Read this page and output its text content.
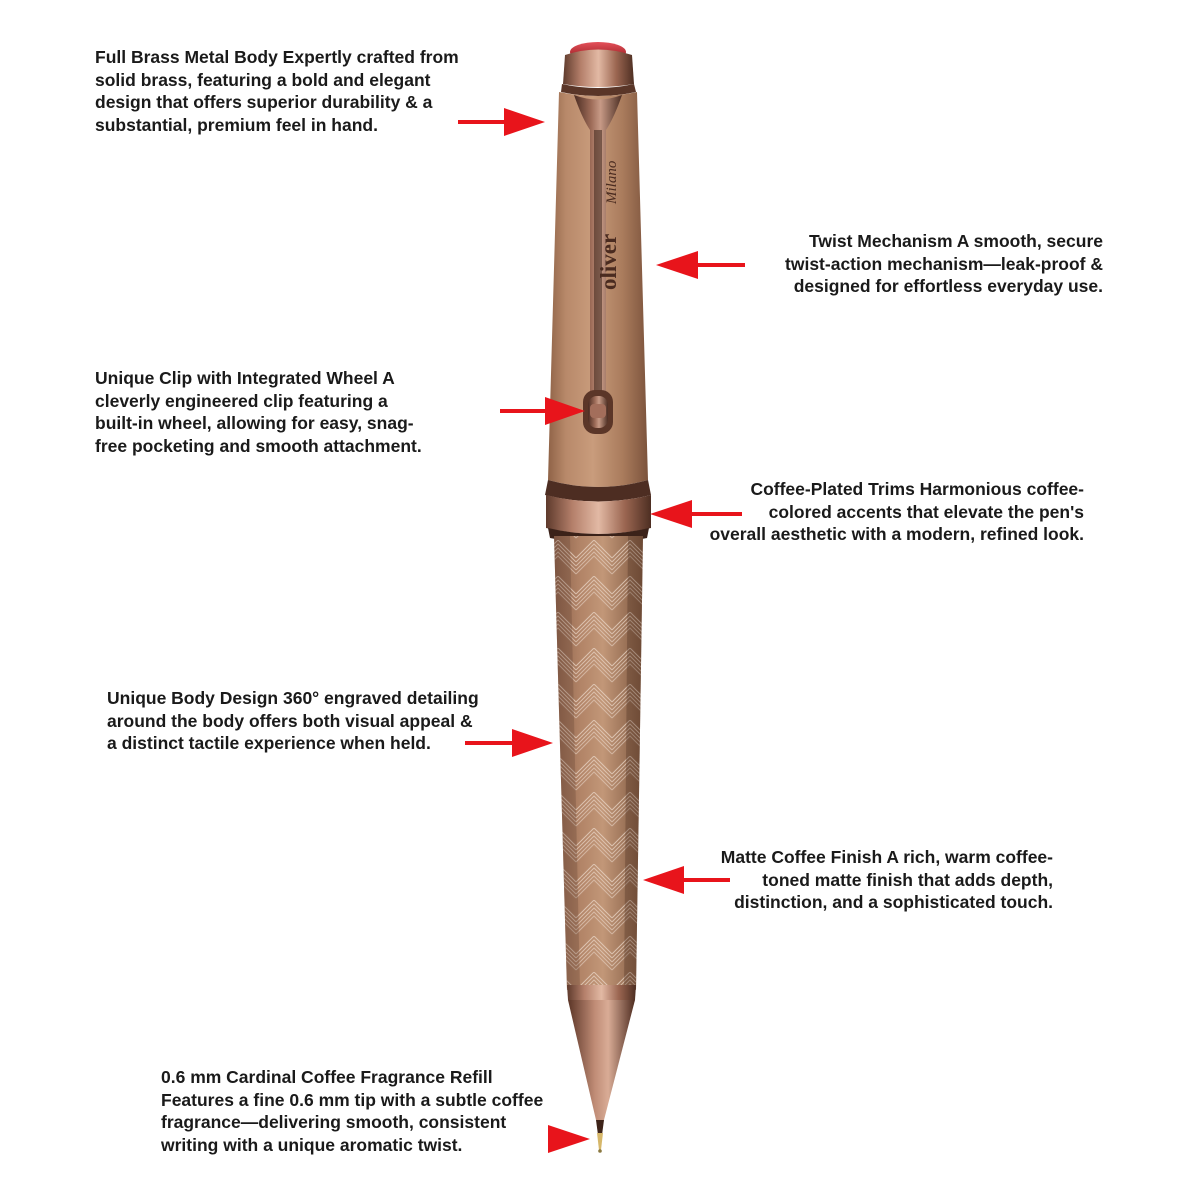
oliver
Milano
Full Brass Metal Body Expertly crafted from
solid brass, featuring a bold and elegant
design that offers superior durability & a
substantial, premium feel in hand.
Twist Mechanism A smooth, secure
twist-action mechanism—leak-proof &
designed for effortless everyday use.
Unique Clip with Integrated Wheel A
cleverly engineered clip featuring a
built-in wheel, allowing for easy, snag-
free pocketing and smooth attachment.
Coffee-Plated Trims Harmonious coffee-
colored accents that elevate the pen's
overall aesthetic with a modern, refined look.
Unique Body Design 360° engraved detailing
around the body offers both visual appeal &
a distinct tactile experience when held.
Matte Coffee Finish A rich, warm coffee-
toned matte finish that adds depth,
distinction, and a sophisticated touch.
0.6 mm Cardinal Coffee Fragrance Refill
Features a fine 0.6 mm tip with a subtle coffee
fragrance—delivering smooth, consistent
writing with a unique aromatic twist.
